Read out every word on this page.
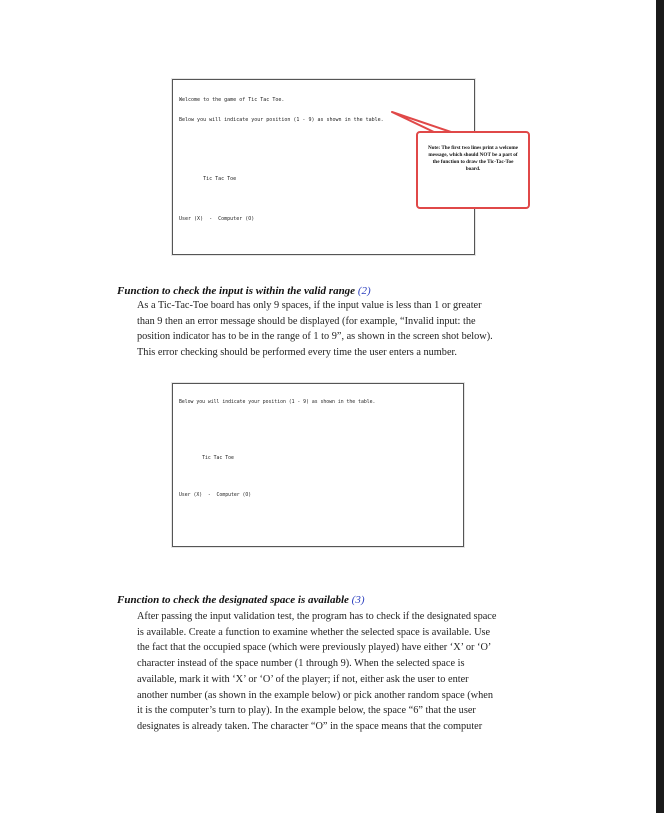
Welcome to the game of Tic Tac Toe.

Below you will indicate your position (1 - 9) as shown in the table.

Tic Tac Toe

User (X)  -  Computer (O)

Note: The first two lines print a welcome message, which should NOT be a part of the function to draw the Tic-Tac-Toe board.
Function to check the input is within the valid range (2)
As a Tic-Tac-Toe board has only 9 spaces, if the input value is less than 1 or greater
than 9 then an error message should be displayed (for example, “Invalid input: the
position indicator has to be in the range of 1 to 9”, as shown in the screen shot below).
This error checking should be performed every time the user enters a number.

Below you will indicate your position (1 - 9) as shown in the table.

Tic Tac Toe

User (X)  -  Computer (O)

Function to check the designated space is available (3)
After passing the input validation test, the program has to check if the designated space
is available. Create a function to examine whether the selected space is available. Use
the fact that the occupied space (which were previously played) have either ‘X’ or ‘O’
character instead of the space number (1 through 9). When the selected space is
available, mark it with ‘X’ or ‘O’ of the player; if not, either ask the user to enter
another number (as shown in the example below) or pick another random space (when
it is the computer’s turn to play). In the example below, the space “6” that the user
designates is already taken. The character “O” in the space means that the computer
